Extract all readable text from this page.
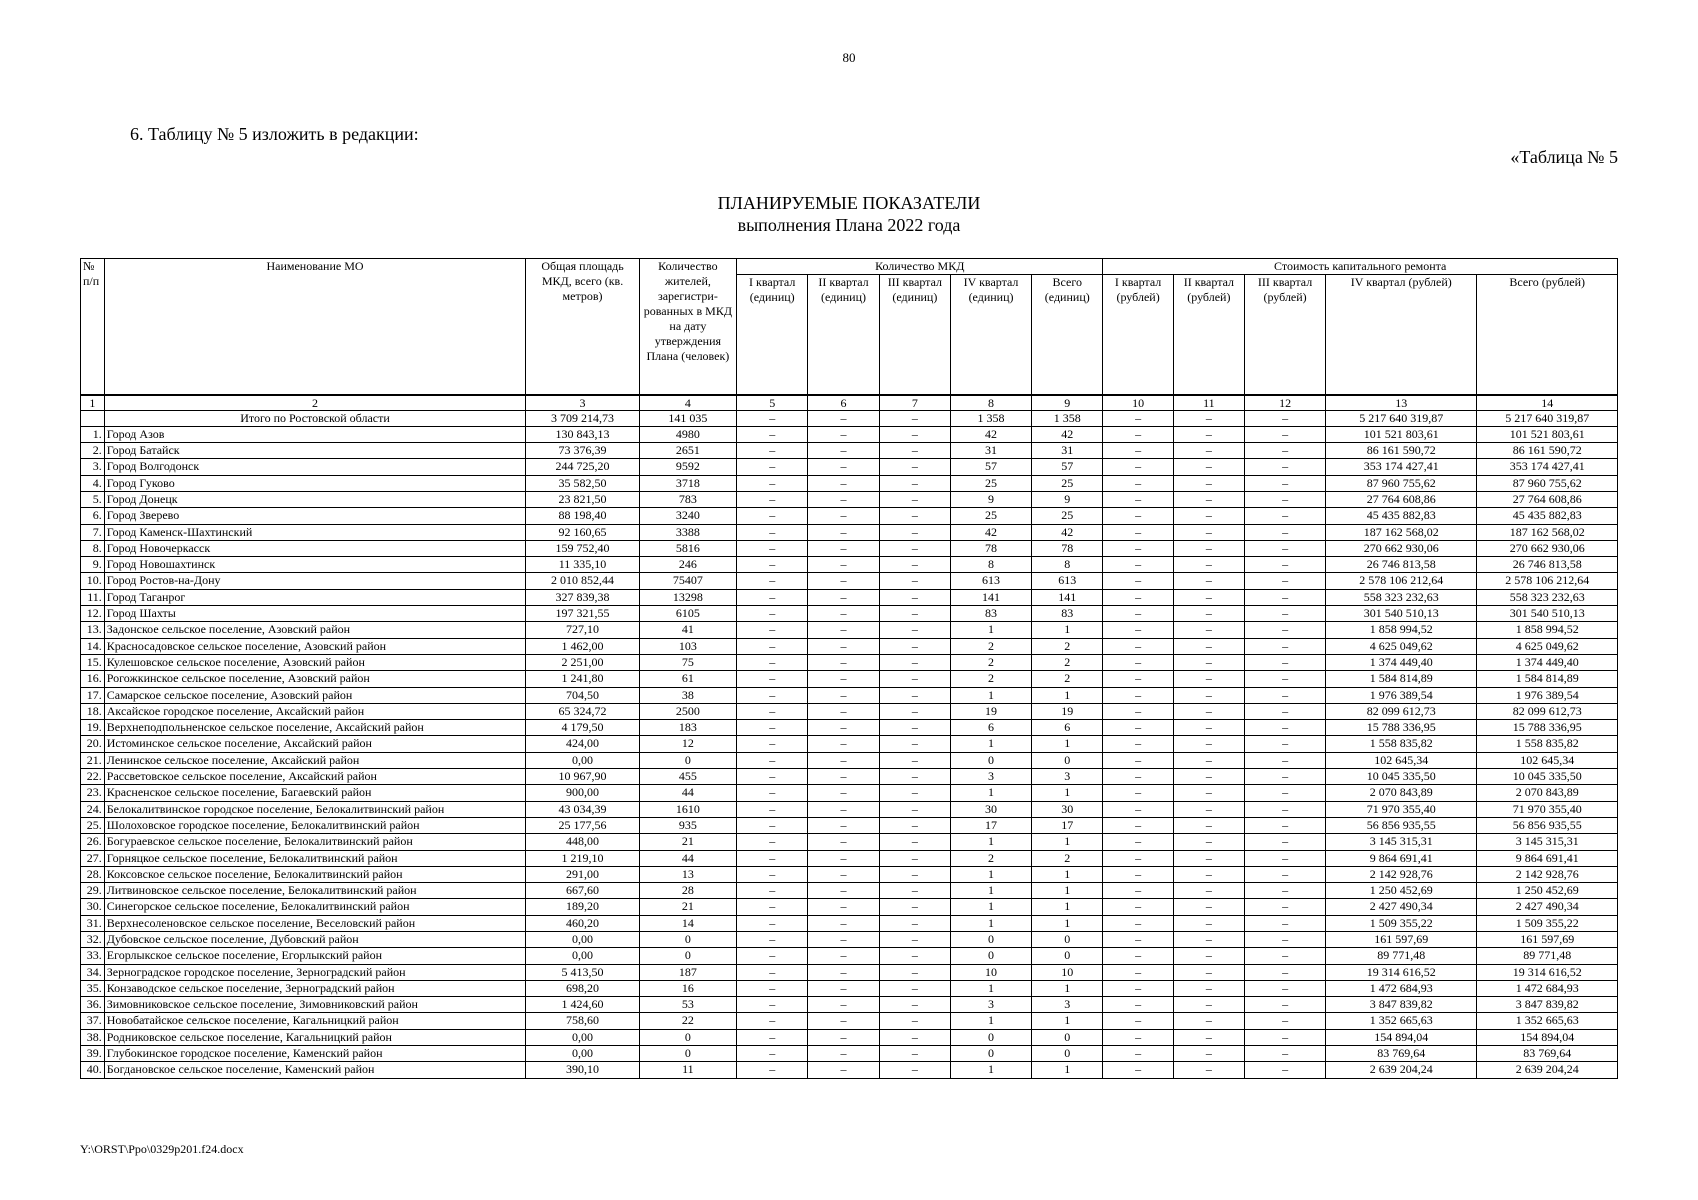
80
6. Таблицу № 5 изложить в редакции:
«Таблица № 5
ПЛАНИРУЕМЫЕ ПОКАЗАТЕЛИ
выполнения Плана 2022 года
№ п/п	Наименование МО	Общая площадь МКД, всего (кв. метров)	Количество жителей, зарегистри-рованных в МКД на дату утверждения Плана (человек)	Количество МКД					Стоимость капитального ремонта				
				I квартал (единиц)	II квартал (единиц)	III квартал (единиц)	IV квартал (единиц)	Всего (единиц)	I квартал (рублей)	II квартал (рублей)	III квартал (рублей)	IV квартал (рублей)	Всего (рублей)
1	2	3	4	5	6	7	8	9	10	11	12	13	14
	Итого по Ростовской области	3 709 214,73	141 035	–	–	–	1 358	1 358	–	–	–	5 217 640 319,87	5 217 640 319,87
1.	Город Азов	130 843,13	4980	–	–	–	42	42	–	–	–	101 521 803,61	101 521 803,61
2.	Город Батайск	73 376,39	2651	–	–	–	31	31	–	–	–	86 161 590,72	86 161 590,72
3.	Город Волгодонск	244 725,20	9592	–	–	–	57	57	–	–	–	353 174 427,41	353 174 427,41
4.	Город Гуково	35 582,50	3718	–	–	–	25	25	–	–	–	87 960 755,62	87 960 755,62
5.	Город Донецк	23 821,50	783	–	–	–	9	9	–	–	–	27 764 608,86	27 764 608,86
6.	Город Зверево	88 198,40	3240	–	–	–	25	25	–	–	–	45 435 882,83	45 435 882,83
7.	Город Каменск-Шахтинский	92 160,65	3388	–	–	–	42	42	–	–	–	187 162 568,02	187 162 568,02
8.	Город Новочеркасск	159 752,40	5816	–	–	–	78	78	–	–	–	270 662 930,06	270 662 930,06
9.	Город Новошахтинск	11 335,10	246	–	–	–	8	8	–	–	–	26 746 813,58	26 746 813,58
10.	Город Ростов-на-Дону	2 010 852,44	75407	–	–	–	613	613	–	–	–	2 578 106 212,64	2 578 106 212,64
11.	Город Таганрог	327 839,38	13298	–	–	–	141	141	–	–	–	558 323 232,63	558 323 232,63
12.	Город Шахты	197 321,55	6105	–	–	–	83	83	–	–	–	301 540 510,13	301 540 510,13
13.	Задонское сельское поселение, Азовский район	727,10	41	–	–	–	1	1	–	–	–	1 858 994,52	1 858 994,52
14.	Красносадовское сельское поселение, Азовский район	1 462,00	103	–	–	–	2	2	–	–	–	4 625 049,62	4 625 049,62
15.	Кулешовское сельское поселение, Азовский район	2 251,00	75	–	–	–	2	2	–	–	–	1 374 449,40	1 374 449,40
16.	Рогожкинское сельское поселение, Азовский район	1 241,80	61	–	–	–	2	2	–	–	–	1 584 814,89	1 584 814,89
17.	Самарское сельское поселение, Азовский район	704,50	38	–	–	–	1	1	–	–	–	1 976 389,54	1 976 389,54
18.	Аксайское городское поселение, Аксайский район	65 324,72	2500	–	–	–	19	19	–	–	–	82 099 612,73	82 099 612,73
19.	Верхнеподпольненское сельское поселение, Аксайский район	4 179,50	183	–	–	–	6	6	–	–	–	15 788 336,95	15 788 336,95
20.	Истоминское сельское поселение, Аксайский район	424,00	12	–	–	–	1	1	–	–	–	1 558 835,82	1 558 835,82
21.	Ленинское сельское поселение, Аксайский район	0,00	0	–	–	–	0	0	–	–	–	102 645,34	102 645,34
22.	Рассветовское сельское поселение, Аксайский район	10 967,90	455	–	–	–	3	3	–	–	–	10 045 335,50	10 045 335,50
23.	Красненское сельское поселение, Багаевский район	900,00	44	–	–	–	1	1	–	–	–	2 070 843,89	2 070 843,89
24.	Белокалитвинское городское поселение, Белокалитвинский район	43 034,39	1610	–	–	–	30	30	–	–	–	71 970 355,40	71 970 355,40
25.	Шолоховское городское поселение, Белокалитвинский район	25 177,56	935	–	–	–	17	17	–	–	–	56 856 935,55	56 856 935,55
26.	Богураевское сельское поселение, Белокалитвинский район	448,00	21	–	–	–	1	1	–	–	–	3 145 315,31	3 145 315,31
27.	Горняцкое сельское поселение, Белокалитвинский район	1 219,10	44	–	–	–	2	2	–	–	–	9 864 691,41	9 864 691,41
28.	Коксовское сельское поселение, Белокалитвинский район	291,00	13	–	–	–	1	1	–	–	–	2 142 928,76	2 142 928,76
29.	Литвиновское сельское поселение, Белокалитвинский район	667,60	28	–	–	–	1	1	–	–	–	1 250 452,69	1 250 452,69
30.	Синегорское сельское поселение, Белокалитвинский район	189,20	21	–	–	–	1	1	–	–	–	2 427 490,34	2 427 490,34
31.	Верхнесоленовское сельское поселение, Веселовский район	460,20	14	–	–	–	1	1	–	–	–	1 509 355,22	1 509 355,22
32.	Дубовское сельское поселение, Дубовский район	0,00	0	–	–	–	0	0	–	–	–	161 597,69	161 597,69
33.	Егорлыкское сельское поселение, Егорлыкский район	0,00	0	–	–	–	0	0	–	–	–	89 771,48	89 771,48
34.	Зерноградское городское поселение, Зерноградский район	5 413,50	187	–	–	–	10	10	–	–	–	19 314 616,52	19 314 616,52
35.	Конзаводское сельское поселение, Зерноградский район	698,20	16	–	–	–	1	1	–	–	–	1 472 684,93	1 472 684,93
36.	Зимовниковское сельское поселение, Зимовниковский район	1 424,60	53	–	–	–	3	3	–	–	–	3 847 839,82	3 847 839,82
37.	Новобатайское сельское поселение, Кагальницкий район	758,60	22	–	–	–	1	1	–	–	–	1 352 665,63	1 352 665,63
38.	Родниковское сельское поселение, Кагальницкий район	0,00	0	–	–	–	0	0	–	–	–	154 894,04	154 894,04
39.	Глубокинское городское поселение, Каменский район	0,00	0	–	–	–	0	0	–	–	–	83 769,64	83 769,64
40.	Богдановское сельское поселение, Каменский район	390,10	11	–	–	–	1	1	–	–	–	2 639 204,24	2 639 204,24
Y:\ORST\Ppo\0329p201.f24.docx
